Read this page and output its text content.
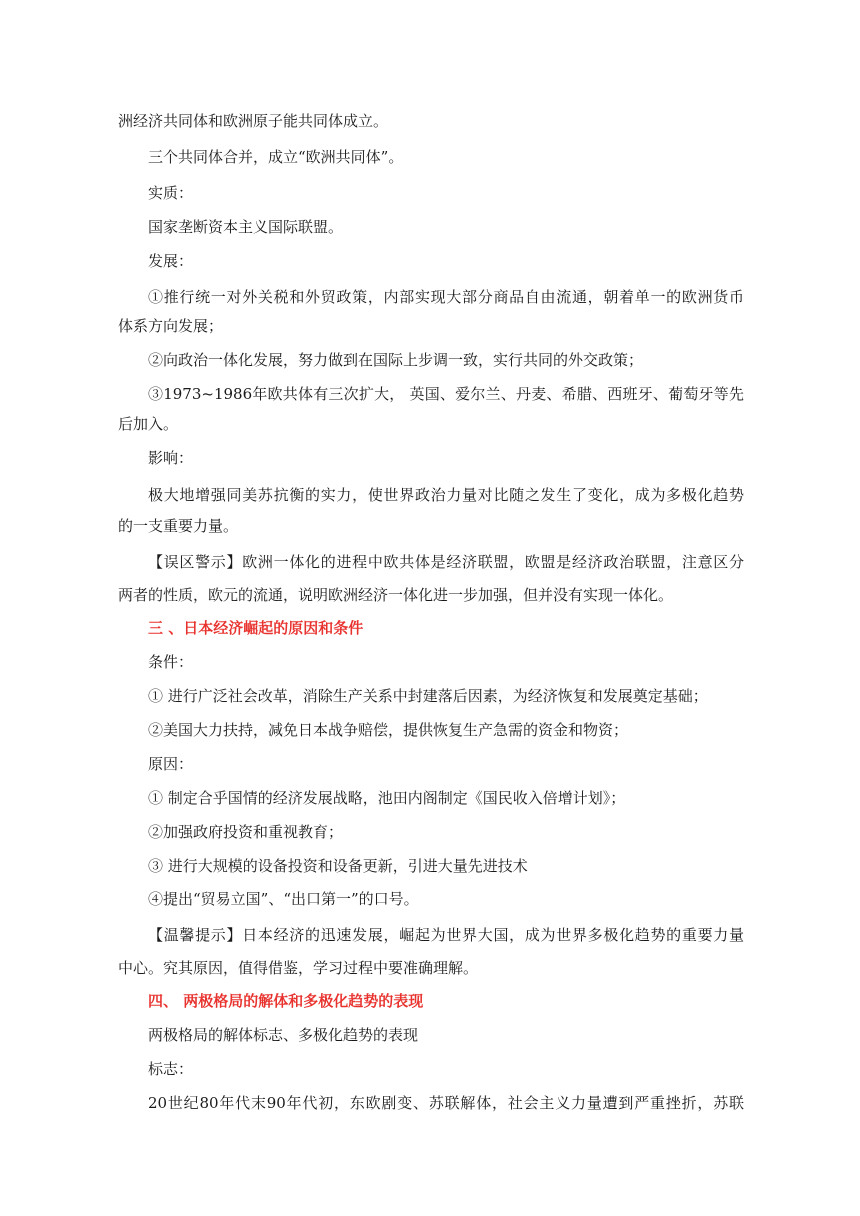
洲经济共同体和欧洲原子能共同体成立。
三个共同体合并，成立“欧洲共同体”。
实质：
国家垄断资本主义国际联盟。
发展：
①推行统一对外关税和外贸政策，内部实现大部分商品自由流通，朝着单一的欧洲货币
体系方向发展；
②向政治一体化发展，努力做到在国际上步调一致，实行共同的外交政策；
③1973~1986年欧共体有三次扩大， 英国、爱尔兰、丹麦、希腊、西班牙、葡萄牙等先
后加入。
影响：
极大地增强同美苏抗衡的实力，使世界政治力量对比随之发生了变化，成为多极化趋势
的一支重要力量。
【误区警示】欧洲一体化的进程中欧共体是经济联盟，欧盟是经济政治联盟，注意区分
两者的性质，欧元的流通，说明欧洲经济一体化进一步加强，但并没有实现一体化。
三 、日本经济崛起的原因和条件
条件：
① 进行广泛社会改革，消除生产关系中封建落后因素，为经济恢复和发展奠定基础；
②美国大力扶持，减免日本战争赔偿，提供恢复生产急需的资金和物资；
原因：
① 制定合乎国情的经济发展战略，池田内阁制定《国民收入倍增计划》；
②加强政府投资和重视教育；
③ 进行大规模的设备投资和设备更新，引进大量先进技术
④提出“贸易立国”、“出口第一”的口号。
【温馨提示】日本经济的迅速发展，崛起为世界大国，成为世界多极化趋势的重要力量
中心。究其原因，值得借鉴，学习过程中要准确理解。
四、 两极格局的解体和多极化趋势的表现
两极格局的解体标志、多极化趋势的表现
标志：
20世纪80年代末90年代初，东欧剧变、苏联解体，社会主义力量遭到严重挫折，苏联
